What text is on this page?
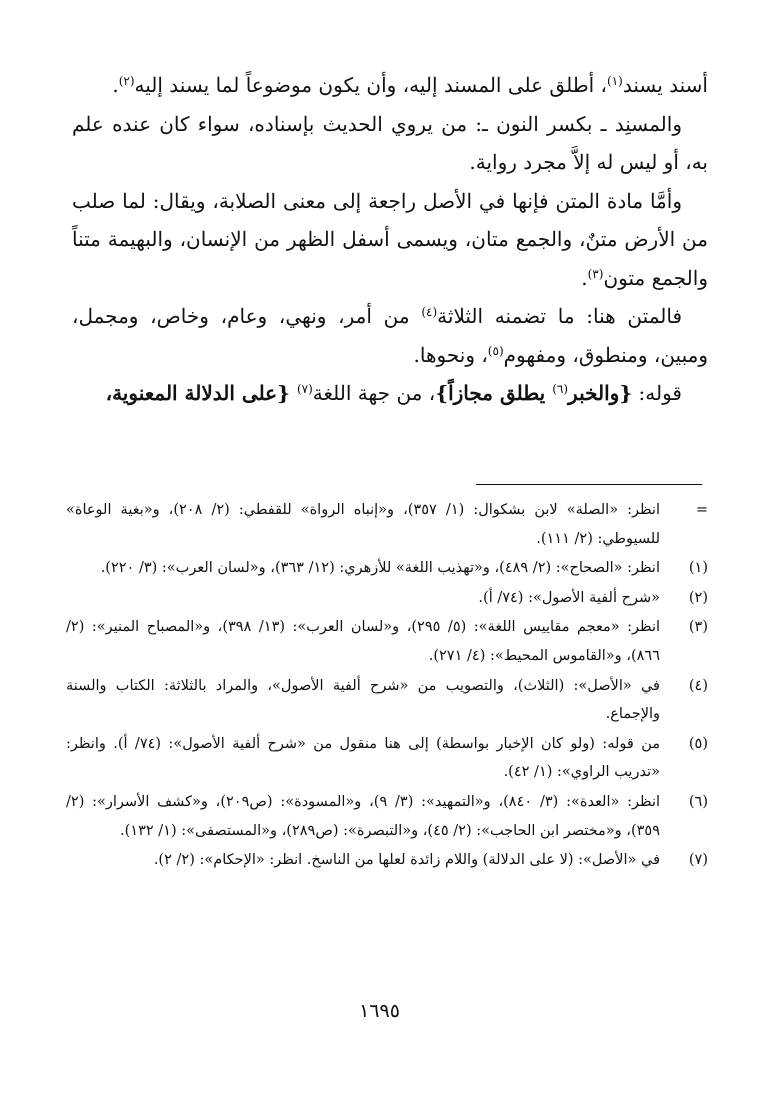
أسند يسند$^{(١)}$، أطلق على المسند إليه، وأن يكون موضوعاً لما يسند إليه$^{(٢)}$.

والمسنِد ـ بكسر النون ـ: من يروي الحديث بإسناده، سواء كان عنده علم به، أو ليس له إلاَّ مجرد رواية.

وأمَّا مادة المتن فإنها في الأصل راجعة إلى معنى الصلابة، ويقال: لما صلب من الأرض متنٌ، والجمع متان، ويسمى أسفل الظهر من الإنسان، والبهيمة متناً والجمع متون$^{(٣)}$.

فالمتن هنا: ما تضمنه الثلاثة$^{(٤)}$ من أمر، ونهي، وعام، وخاص، ومجمل، ومبين، ومنطوق، ومفهوم$^{(٥)}$، ونحوها.

قوله: {والخبر$^{(٦)}$ يطلق مجازاً}، من جهة اللغة$^{(٧)}$ {على الدلالة المعنوية،

=
انظر: «الصلة» لابن بشكوال: (١/ ٣٥٧)، و«إنباه الرواة» للقفطي: (٢/ ٢٠٨)، و«بغية الوعاة» للسيوطي: (٢/ ١١١).
(١)
انظر: «الصحاح»: (٢/ ٤٨٩)، و«تهذيب اللغة» للأزهري: (١٢/ ٣٦٣)، و«لسان العرب»: (٣/ ٢٢٠).
(٢)
«شرح ألفية الأصول»: (٧٤/ أ).
(٣)
انظر: «معجم مقاييس اللغة»: (٥/ ٢٩٥)، و«لسان العرب»: (١٣/ ٣٩٨)، و«المصباح المنير»: (٢/ ٨٦٦)، و«القاموس المحيط»: (٤/ ٢٧١).
(٤)
في «الأصل»: (الثلاث)، والتصويب من «شرح ألفية الأصول»، والمراد بالثلاثة: الكتاب والسنة والإجماع.
(٥)
من قوله: (ولو كان الإخبار بواسطة) إلى هنا منقول من «شرح ألفية الأصول»: (٧٤/ أ). وانظر: «تدريب الراوي»: (١/ ٤٢).
(٦)
انظر: «العدة»: (٣/ ٨٤٠)، و«التمهيد»: (٣/ ٩)، و«المسودة»: (ص٢٠٩)، و«كشف الأسرار»: (٢/ ٣٥٩)، و«مختصر ابن الحاجب»: (٢/ ٤٥)، و«التبصرة»: (ص٢٨٩)، و«المستصفى»: (١/ ١٣٢).
(٧)
في «الأصل»: (لا على الدلالة) واللام زائدة لعلها من الناسخ. انظر: «الإحكام»: (٢/ ٢).
١٦٩٥
